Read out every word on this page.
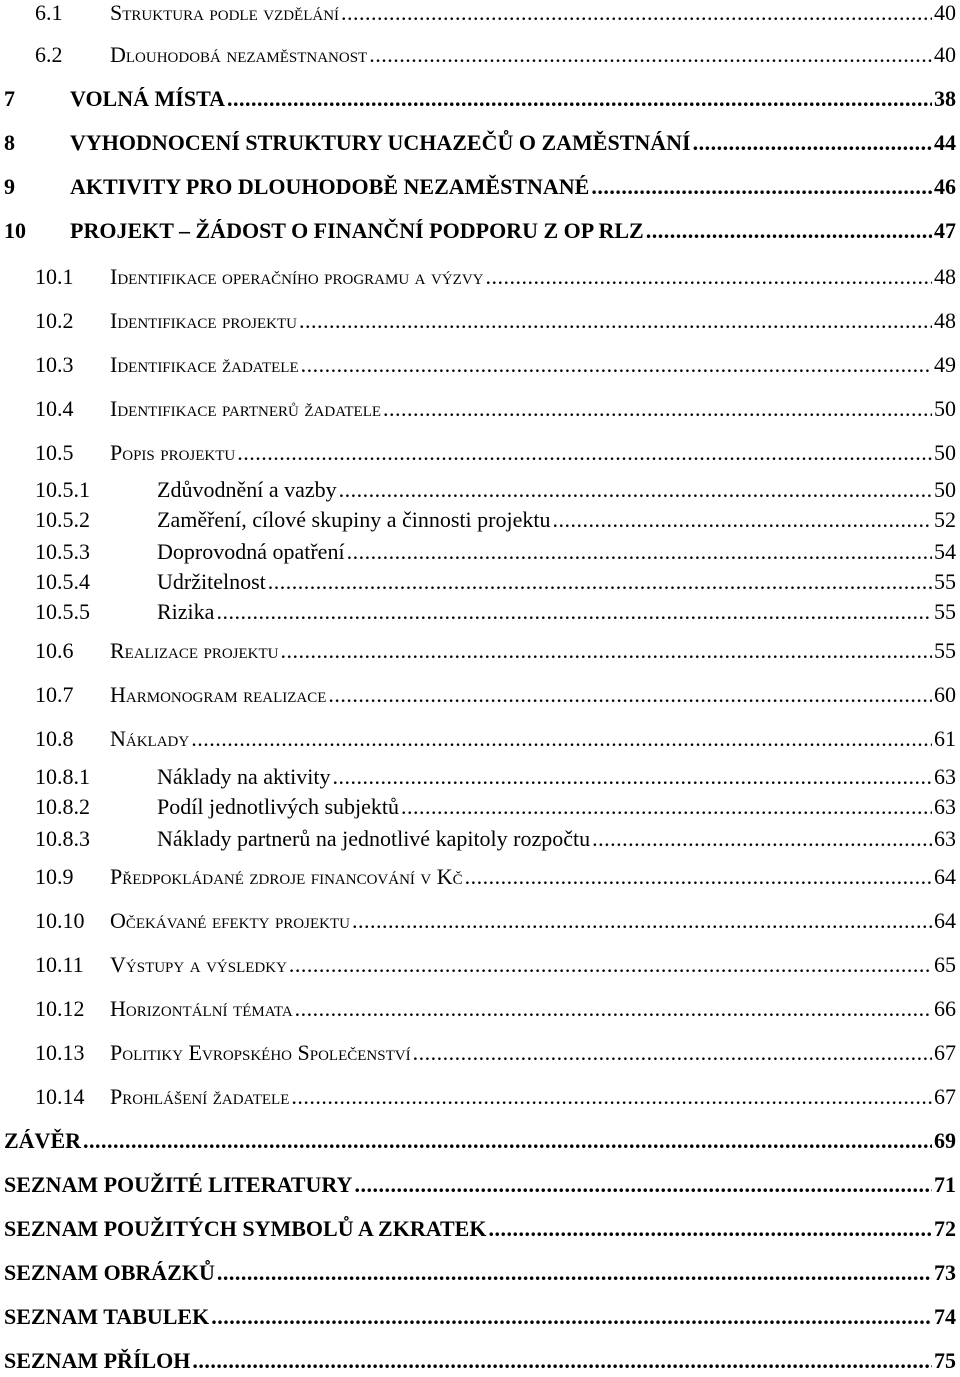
6.1	Struktura podle vzdělání .....	40
6.2	Dlouhodobá nezaměstnanost .....	40
7	VOLNÁ MÍSTA .....	38
8	VYHODNOCENÍ STRUKTURY UCHAZEČŮ O ZAMĚSTNÁNÍ .....	44
9	AKTIVITY PRO DLOUHODOBĚ NEZAMĚSTNANÉ .....	46
10	PROJEKT – ŽÁDOST O FINANČNÍ PODPORU Z OP RLZ .....	47
10.1	Identifikace operačního programu a výzvy .....	48
10.2	Identifikace projektu .....	48
10.3	Identifikace žadatele .....	49
10.4	Identifikace partnerů žadatele .....	50
10.5	Popis projektu .....	50
10.5.1	Zdůvodnění a vazby .....	50
10.5.2	Zaměření, cílové skupiny a činnosti projektu .....	52
10.5.3	Doprovodná opatření .....	54
10.5.4	Udržitelnost .....	55
10.5.5	Rizika .....	55
10.6	Realizace projektu .....	55
10.7	Harmonogram realizace .....	60
10.8	Náklady .....	61
10.8.1	Náklady na aktivity .....	63
10.8.2	Podíl jednotlivých subjektů .....	63
10.8.3	Náklady partnerů na jednotlivé kapitoly rozpočtu .....	63
10.9	Předpokládané zdroje financování v Kč .....	64
10.10	Očekávané efekty projektu .....	64
10.11	Výstupy a výsledky .....	65
10.12	Horizontální témata .....	66
10.13	Politiky Evropského Společenství .....	67
10.14	Prohlášení žadatele .....	67
ZÁVĚR .....	69
SEZNAM POUŽITÉ LITERATURY .....	71
SEZNAM POUŽITÝCH SYMBOLŮ A ZKRATEK .....	72
SEZNAM OBRÁZKŮ .....	73
SEZNAM TABULEK .....	74
SEZNAM PŘÍLOH .....	75
